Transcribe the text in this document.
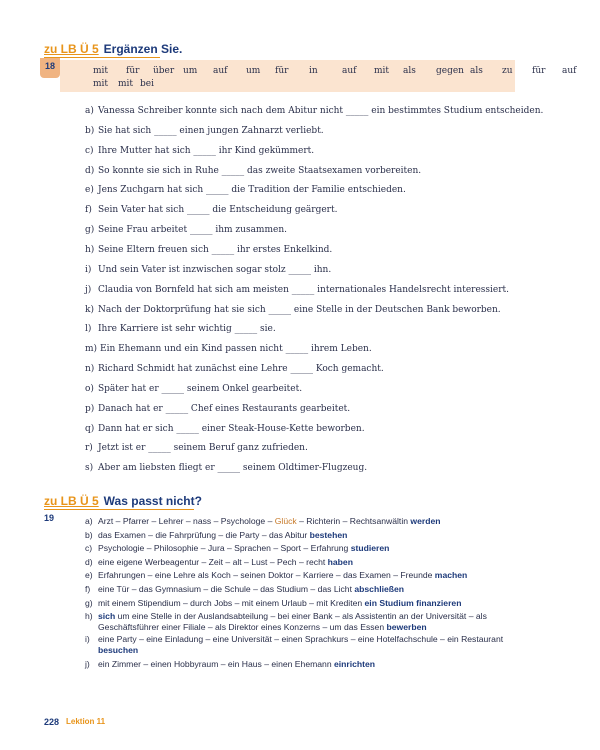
zu LB Ü 5 Ergänzen Sie.
mit für über um auf um für in	auf mit als gegen als zu für auf
mit mit bei
18
a) Vanessa Schreiber konnte sich nach dem Abitur nicht _____ ein bestimmtes Studium entscheiden.
b) Sie hat sich _____ einen jungen Zahnarzt verliebt.
c) Ihre Mutter hat sich _____ ihr Kind gekümmert.
d) So konnte sie sich in Ruhe _____ das zweite Staatsexamen vorbereiten.
e) Jens Zuchgarn hat sich _____ die Tradition der Familie entschieden.
f) Sein Vater hat sich _____ die Entscheidung geärgert.
g) Seine Frau arbeitet _____ ihm zusammen.
h) Seine Eltern freuen sich _____ ihr erstes Enkelkind.
i) Und sein Vater ist inzwischen sogar stolz _____ ihn.
j) Claudia von Bornfeld hat sich am meisten _____ internationales Handelsrecht interessiert.
k) Nach der Doktorprüfung hat sie sich _____ eine Stelle in der Deutschen Bank beworben.
l) Ihre Karriere ist sehr wichtig _____ sie.
m) Ein Ehemann und ein Kind passen nicht _____ ihrem Leben.
n) Richard Schmidt hat zunächst eine Lehre _____ Koch gemacht.
o) Später hat er _____ seinem Onkel gearbeitet.
p) Danach hat er _____ Chef eines Restaurants gearbeitet.
q) Dann hat er sich _____ einer Steak-House-Kette beworben.
r) Jetzt ist er _____ seinem Beruf ganz zufrieden.
s) Aber am liebsten fliegt er _____ seinem Oldtimer-Flugzeug.
zu LB Ü 5 Was passt nicht?
19	a) Arzt – Pfarrer – Lehrer – nass – Psychologe – Glück – Richterin – Rechtsanwältin werden
b) das Examen – die Fahrprüfung – die Party – das Abitur bestehen
c) Psychologie – Philosophie – Jura – Sprachen – Sport – Erfahrung studieren
d) eine eigene Werbeagentur – Zeit – alt – Lust – Pech – recht haben
e) Erfahrungen – eine Lehre als Koch – seinen Doktor – Karriere – das Examen – Freunde machen
f) eine Tür – das Gymnasium – die Schule – das Studium – das Licht abschließen
g) mit einem Stipendium – durch Jobs – mit einem Urlaub – mit Krediten ein Studium finanzieren
h) sich um eine Stelle in der Auslandsabteilung – bei einer Bank – als Assistentin an der Universität – als
Geschäftsführer einer Filiale – als Direktor eines Konzerns – um das Essen bewerben
i) eine Party – eine Einladung – eine Universität – einen Sprachkurs – eine Hotelfachschule – ein Restaurant
besuchen
j) ein Zimmer – einen Hobbyraum – ein Haus – einen Ehemann einrichten
228 Lektion 11
